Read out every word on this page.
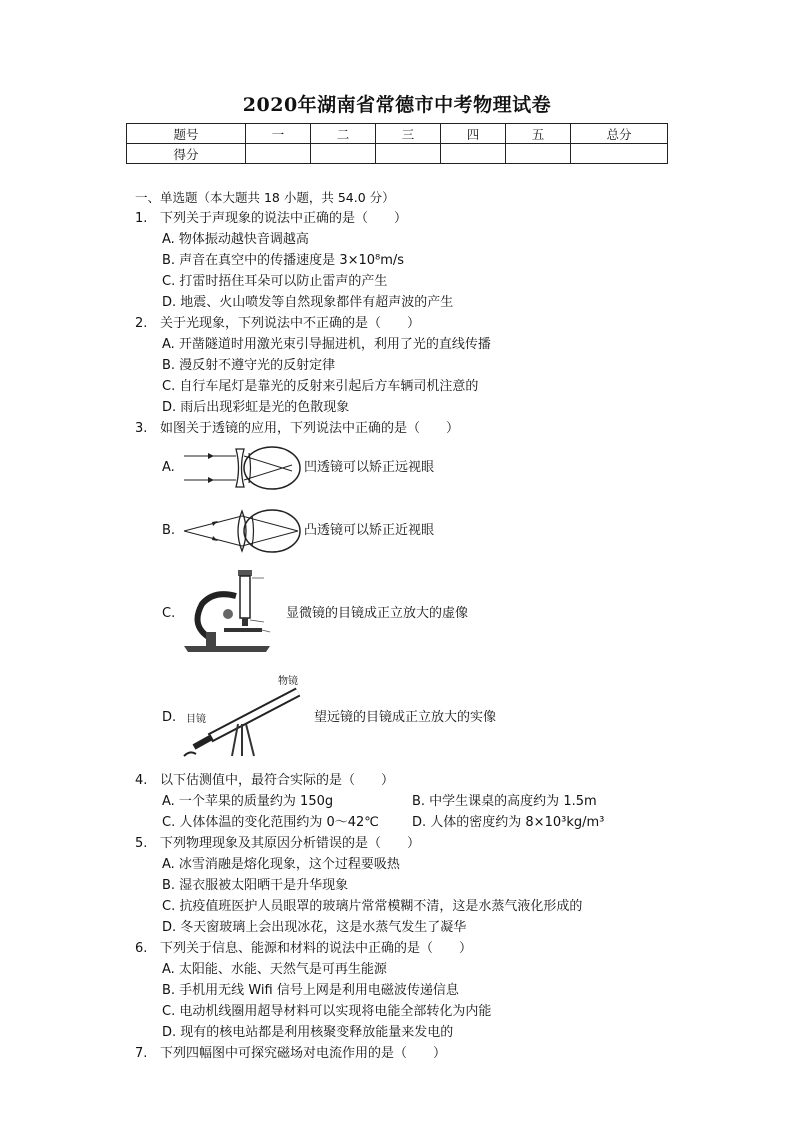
2020年湖南省常德市中考物理试卷
题号	一	二	三	四	五	总分
得分						
一、单选题（本大题共 18 小题，共 54.0 分）
1. 下列关于声现象的说法中正确的是（　　）
A. 物体振动越快音调越高
B. 声音在真空中的传播速度是 3×10⁸m/s
C. 打雷时捂住耳朵可以防止雷声的产生
D. 地震、火山喷发等自然现象都伴有超声波的产生
2. 关于光现象，下列说法中不正确的是（　　）
A. 开凿隧道时用激光束引导掘进机，利用了光的直线传播
B. 漫反射不遵守光的反射定律
C. 自行车尾灯是靠光的反射来引起后方车辆司机注意的
D. 雨后出现彩虹是光的色散现象
3. 如图关于透镜的应用，下列说法中正确的是（　　）
A.	凹透镜可以矫正远视眼
B.	凸透镜可以矫正近视眼
C.	显微镜的目镜成正立放大的虚像
D.
物镜
目镜	望远镜的目镜成正立放大的实像
4. 以下估测值中，最符合实际的是（　　）
A. 一个苹果的质量约为 150g	B. 中学生课桌的高度约为 1.5m
C. 人体体温的变化范围约为 0～42℃	D. 人体的密度约为 8×10³kg/m³
5. 下列物理现象及其原因分析错误的是（　　）
A. 冰雪消融是熔化现象，这个过程要吸热
B. 湿衣服被太阳晒干是升华现象
C. 抗疫值班医护人员眼罩的玻璃片常常模糊不清，这是水蒸气液化形成的
D. 冬天窗玻璃上会出现冰花，这是水蒸气发生了凝华
6. 下列关于信息、能源和材料的说法中正确的是（　　）
A. 太阳能、水能、天然气是可再生能源
B. 手机用无线 Wifi 信号上网是利用电磁波传递信息
C. 电动机线圈用超导材料可以实现将电能全部转化为内能
D. 现有的核电站都是利用核聚变释放能量来发电的
7. 下列四幅图中可探究磁场对电流作用的是（　　）
